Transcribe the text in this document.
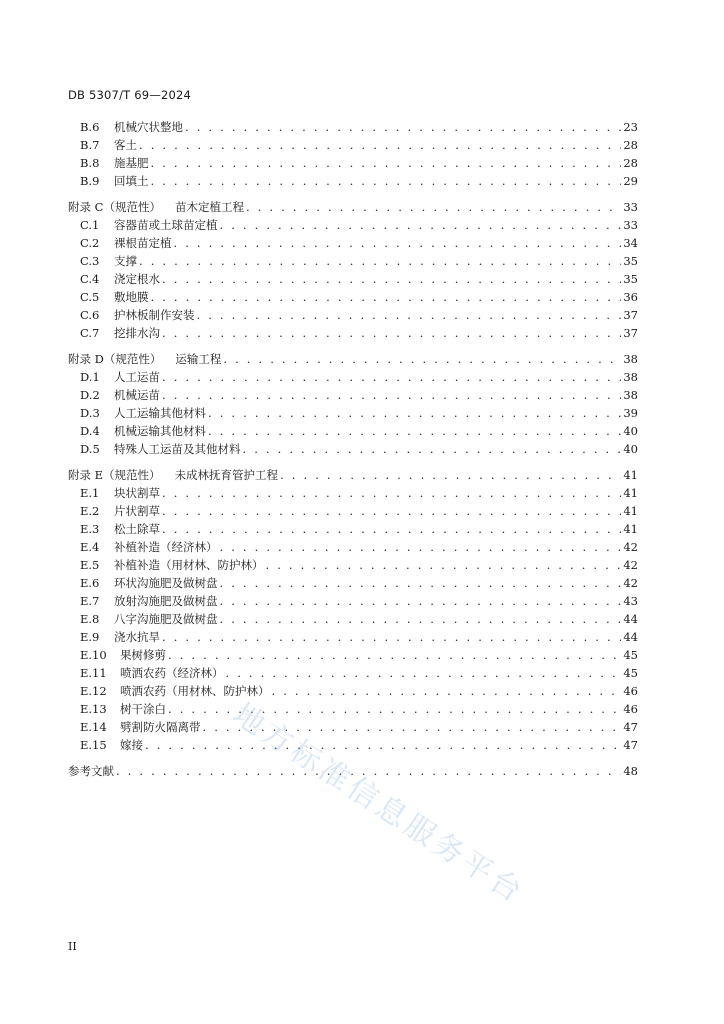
DB 5307/T 69—2024
B.6	机械穴状整地 . . .	23
B.7	客土 . . .	28
B.8	施基肥 . . .	28
B.9	回填土 . . .	29
附录 C（规范性） 苗木定植工程 . . .	33
C.1	容器苗或土球苗定植 . . .	33
C.2	裸根苗定植 . . .	34
C.3	支撑 . . .	35
C.4	浇定根水 . . .	35
C.5	敷地膜 . . .	36
C.6	护林板制作安装 . . .	37
C.7	挖排水沟 . . .	37
附录 D（规范性） 运输工程 . . .	38
D.1	人工运苗 . . .	38
D.2	机械运苗 . . .	38
D.3	人工运输其他材料 . . .	39
D.4	机械运输其他材料 . . .	40
D.5	特殊人工运苗及其他材料 . . .	40
附录 E（规范性） 未成林抚育管护工程 . . .	41
E.1	块状割草 . . .	41
E.2	片状割草 . . .	41
E.3	松土除草 . . .	41
E.4	补植补造（经济林） . . .	42
E.5	补植补造（用材林、防护林） . . .	42
E.6	环状沟施肥及做树盘 . . .	42
E.7	放射沟施肥及做树盘 . . .	43
E.8	八字沟施肥及做树盘 . . .	44
E.9	浇水抗旱 . . .	44
E.10	果树修剪 . . .	45
E.11	喷洒农药（经济林） . . .	45
E.12	喷洒农药（用材林、防护林） . . .	46
E.13	树干涂白 . . .	46
E.14	劈割防火隔离带 . . .	47
E.15	嫁接 . . .	47
参考文献 . . .	48
II
地方标准信息服务平台
